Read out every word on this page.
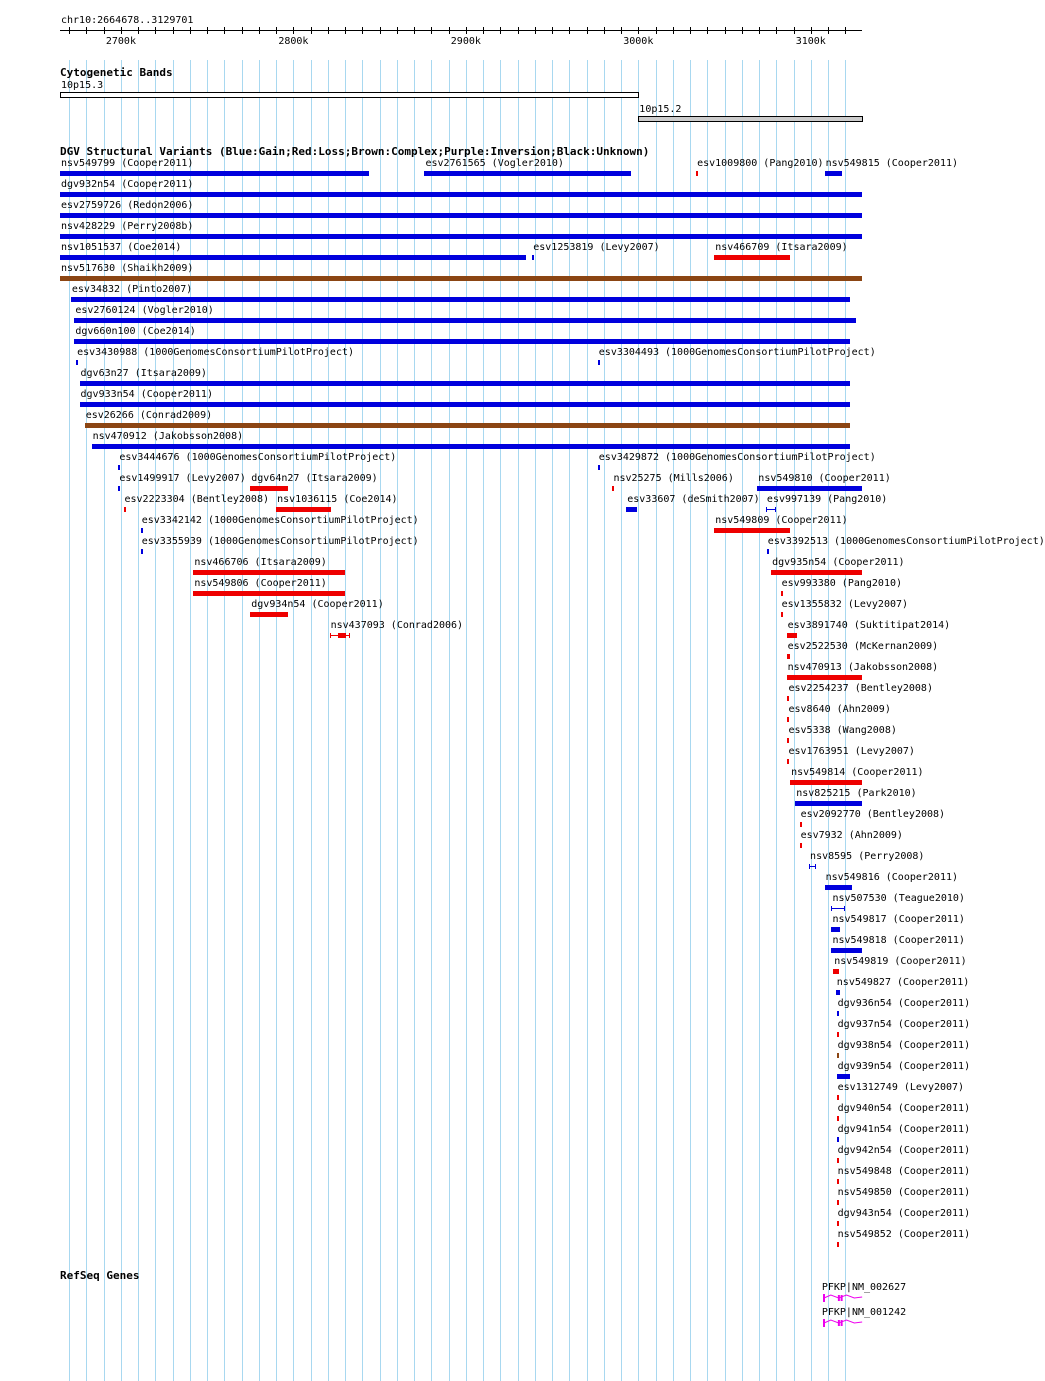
chr10:2664678..3129701
2700k	2800k	2900k	3000k	3100k
Cytogenetic Bands
10p15.3
10p15.2
DGV Structural Variants (Blue:Gain;Red:Loss;Brown:Complex;Purple:Inversion;Black:Unknown)
nsv549799 (Cooper2011)	esv2761565 (Vogler2010)	esv1009800 (Pang2010) nsv549815 (Cooper2011)
dgv932n54 (Cooper2011)
esv2759726 (Redon2006)
nsv428229 (Perry2008b)
nsv1051537 (Coe2014)	esv1253819 (Levy2007)	nsv466709 (Itsara2009)
nsv517630 (Shaikh2009)
esv34832 (Pinto2007)
esv2760124 (Vogler2010)
dgv660n100 (Coe2014)
esv3430988 (1000GenomesConsortiumPilotProject)	esv3304493 (1000GenomesConsortiumPilotProject)
dgv63n27 (Itsara2009)
dgv933n54 (Cooper2011)
esv26266 (Conrad2009)
nsv470912 (Jakobsson2008)
esv3444676 (1000GenomesConsortiumPilotProject)	esv3429872 (1000GenomesConsortiumPilotProject)
esv1499917 (Levy2007) dgv64n27 (Itsara2009)	nsv25275 (Mills2006) nsv549810 (Cooper2011)
esv2223304 (Bentley2008) nsv1036115 (Coe2014)	esv33607 (deSmith2007) esv997139 (Pang2010)
esv3342142 (1000GenomesConsortiumPilotProject)	nsv549809 (Cooper2011)
esv3355939 (1000GenomesConsortiumPilotProject)	esv3392513 (1000GenomesConsortiumPilotProject)
nsv466706 (Itsara2009)	dgv935n54 (Cooper2011)
nsv549806 (Cooper2011)	esv993380 (Pang2010)
dgv934n54 (Cooper2011)	esv1355832 (Levy2007)
nsv437093 (Conrad2006)	esv3891740 (Suktitipat2014)
esv2522530 (McKernan2009)
nsv470913 (Jakobsson2008)
esv2254237 (Bentley2008)
esv8640 (Ahn2009)
esv5338 (Wang2008)
esv1763951 (Levy2007)
nsv549814 (Cooper2011)
nsv825215 (Park2010)
esv2092770 (Bentley2008)
esv7932 (Ahn2009)
nsv8595 (Perry2008)
nsv549816 (Cooper2011)
nsv507530 (Teague2010)
nsv549817 (Cooper2011)
nsv549818 (Cooper2011)
nsv549819 (Cooper2011)
nsv549827 (Cooper2011)
dgv936n54 (Cooper2011)
dgv937n54 (Cooper2011)
dgv938n54 (Cooper2011)
dgv939n54 (Cooper2011)
esv1312749 (Levy2007)
dgv940n54 (Cooper2011)
dgv941n54 (Cooper2011)
dgv942n54 (Cooper2011)
nsv549848 (Cooper2011)
nsv549850 (Cooper2011)
dgv943n54 (Cooper2011)
nsv549852 (Cooper2011)
RefSeq Genes
PFKP|NM_002627
PFKP|NM_001242
